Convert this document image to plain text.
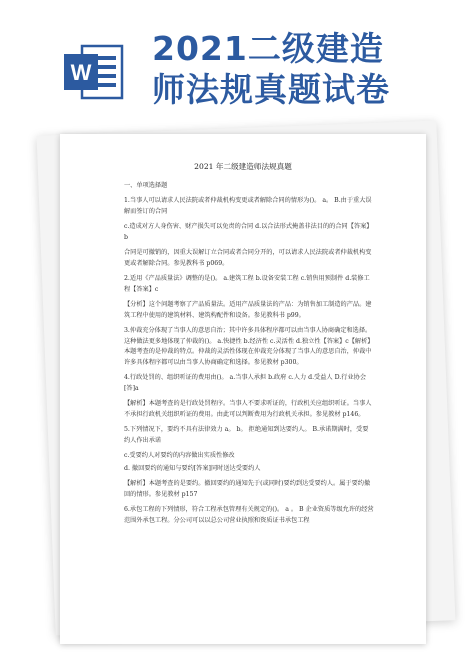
W
2021二级建造
师法规真题试卷
2021 年二级建造师法规真题
一、单项选择题
1.当事人可以请求人民法院或者仲裁机构变更或者解除合同的情形为()。 a。 B.由于重大误解而签订的合同
c.造成对方人身伤害、财产损失可以免责的合同 d.以合法形式掩盖非法目的的合同【答案】b
合同是可撤销的，因重大误解订立合同或者合同分开的，可以请求人民法院或者仲裁机构变更或者解除合同。参见教科书 p069。
2.适用《产品质量法》调整的是()。 a.建筑工程 b.设备安装工程 c.销售用预制件 d.装修工程【答案】c
【分析】这个问题考察了产品质量法。适用产品质量法的产品：为销售加工制造的产品。建筑工程中使用的建筑材料、建筑构配件和设备。参见教科书 p99。
3.仲裁充分体现了当事人的意思自治；其中许多具体程序都可以由当事人协商确定和选择。这种做法更多地体现了仲裁的()。 a.快捷性 b.经济性 c.灵活性 d.独立性【答案】c【解析】本题考查的是仲裁的特点。仲裁的灵活性体现在仲裁充分体现了当事人的意思自治，仲裁中许多具体程序都可以由当事人协商确定和选择。参见教材 p300。
4.行政处罚的、组织听证的费用由()。 a.当事人承担 b.政府 c.人力 d.受益人 D.行业协会[答]a
【解析】本题考查的是行政处罚程序。当事人不要求听证的，行政机关应组织听证。当事人不承担行政机关组织听证的费用。由此可以判断费用为行政机关承担。参见教材 p146。
5.下列情况下，要约不具有法律效力 a。 b。 拒绝通知到达要约人。 B.承诺期满时，受要约人作出承诺
c.受要约人对要约的内容做出实质性修改
d. 撤回要约的通知与要约[答案]同时送达受要约人
【解析】本题考查的是要约。撤回要约的通知先于(或同时)要约到达受要约人。属于要约撤回的情形。参见教材 p157
6.承包工程的下列情形，符合工程承包管理有关规定的()。 a 。 B 企业资质等级允许的经营范围外承包工程。分公司可以以总公司营业执照和资质证书承包工程
